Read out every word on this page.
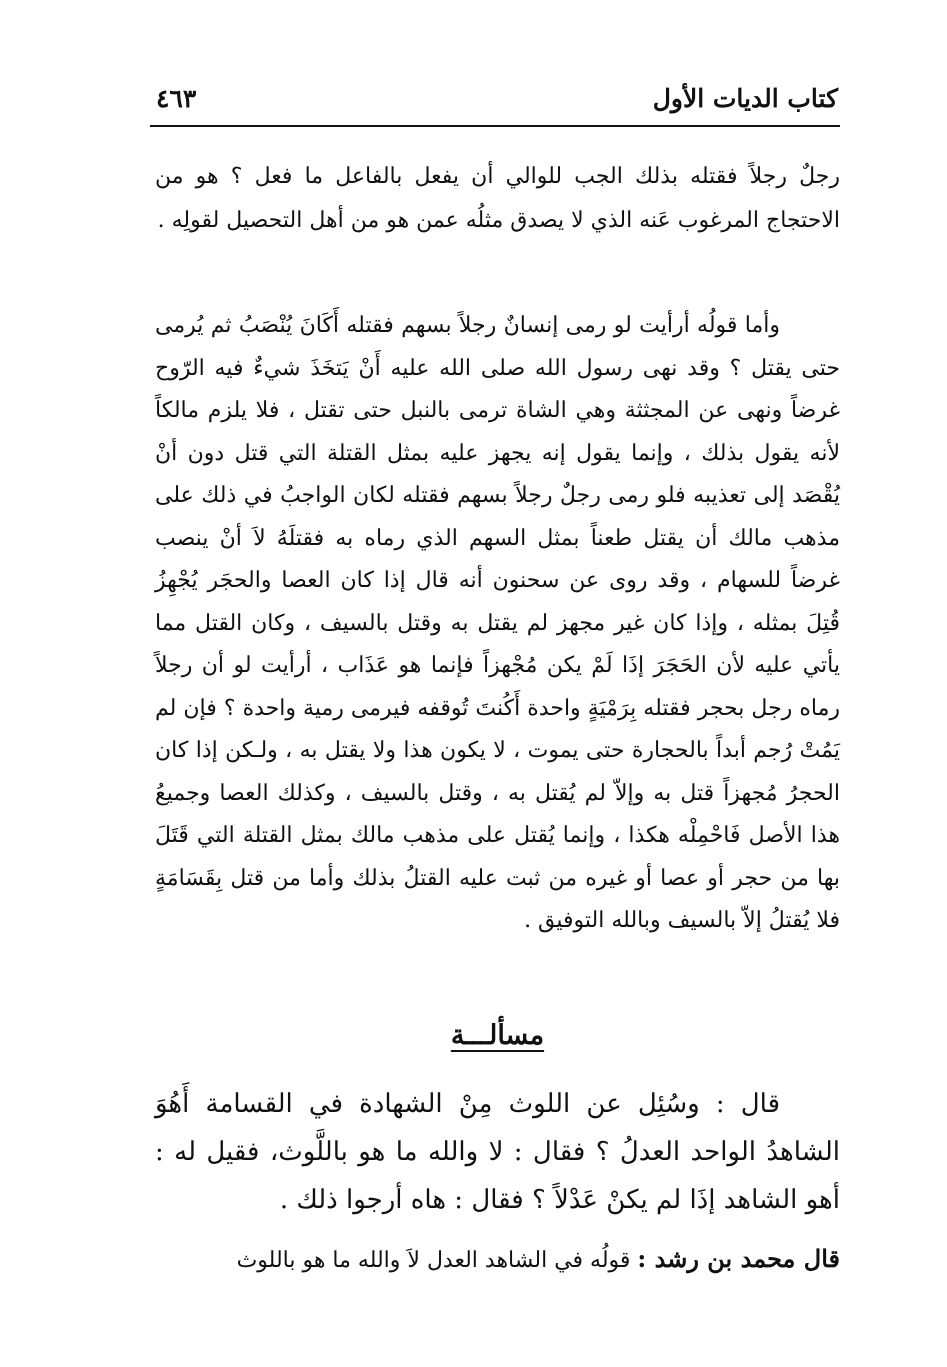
كتاب الديات الأول
٤٦٣

رجلٌ رجلاً فقتله بذلك الجب للوالي أن يفعل بالفاعل ما فعل ؟ هو من الاحتجاج المرغوب عَنه الذي لا يصدق مثلُه عمن هو من أهل التحصيل لقولِه .

وأما قولُه أرأيت لو رمى إنسانٌ رجلاً بسهم فقتله أَكَانَ يُنْصَبُ ثم يُرمى حتى يقتل ؟ وقد نهى رسول الله صلى الله عليه أَنْ يَتخَذَ شيءٌ فيه الرّوح غرضاً ونهى عن المجثثة وهي الشاة ترمى بالنبل حتى تقتل ، فلا يلزم مالكاً لأنه يقول بذلك ، وإنما يقول إنه يجهز عليه بمثل القتلة التي قتل دون أنْ يُقْصَد إلى تعذيبه فلو رمى رجلٌ رجلاً بسهم فقتله لكان الواجبُ في ذلك على مذهب مالك أن يقتل طعناً بمثل السهم الذي رماه به فقتلَهُ لاَ أنْ ينصب غرضاً للسهام ، وقد روى عن سحنون أنه قال إذا كان العصا والحجَر يُجْهِزُ قُتِلَ بمثله ، وإذا كان غير مجهز لم يقتل به وقتل بالسيف ، وكان القتل مما يأتي عليه لأن الحَجَرَ إذَا لَمْ يكن مُجْهزاً فإنما هو عَذَاب ، أرأيت لو أن رجلاً رماه رجل بحجر فقتله بِرَمْيَةٍ واحدة أَكُنتَ تُوقفه فيرمى رمية واحدة ؟ فإن لم يَمُتْ رُجم أبداً بالحجارة حتى يموت ، لا يكون هذا ولا يقتل به ، ولـكن إذا كان الحجرُ مُجهزاً قتل به وإلاّ لم يُقتل به ، وقتل بالسيف ، وكذلك العصا وجميعُ هذا الأصل فَاحْمِلْه هكذا ، وإنما يُقتل على مذهب مالك بمثل القتلة التي قَتَلَ بها من حجر أو عصا أو غيره من ثبت عليه القتلُ بذلك وأما من قتل بِقَسَامَةٍ فلا يُقتلُ إلاّ بالسيف وبالله التوفيق .

مسألـــة

قال : وسُئِل عن اللوث مِنْ الشهادة في القسامة أَهُوَ الشاهدُ الواحد العدلُ ؟ فقال : لا والله ما هو باللَّوث، فقيل له : أهو الشاهد إذَا لم يكنْ عَدْلاً ؟ فقال : هاه أرجوا ذلك .

قال محمد بن رشد : قولُه في الشاهد العدل لاَ والله ما هو باللوث
